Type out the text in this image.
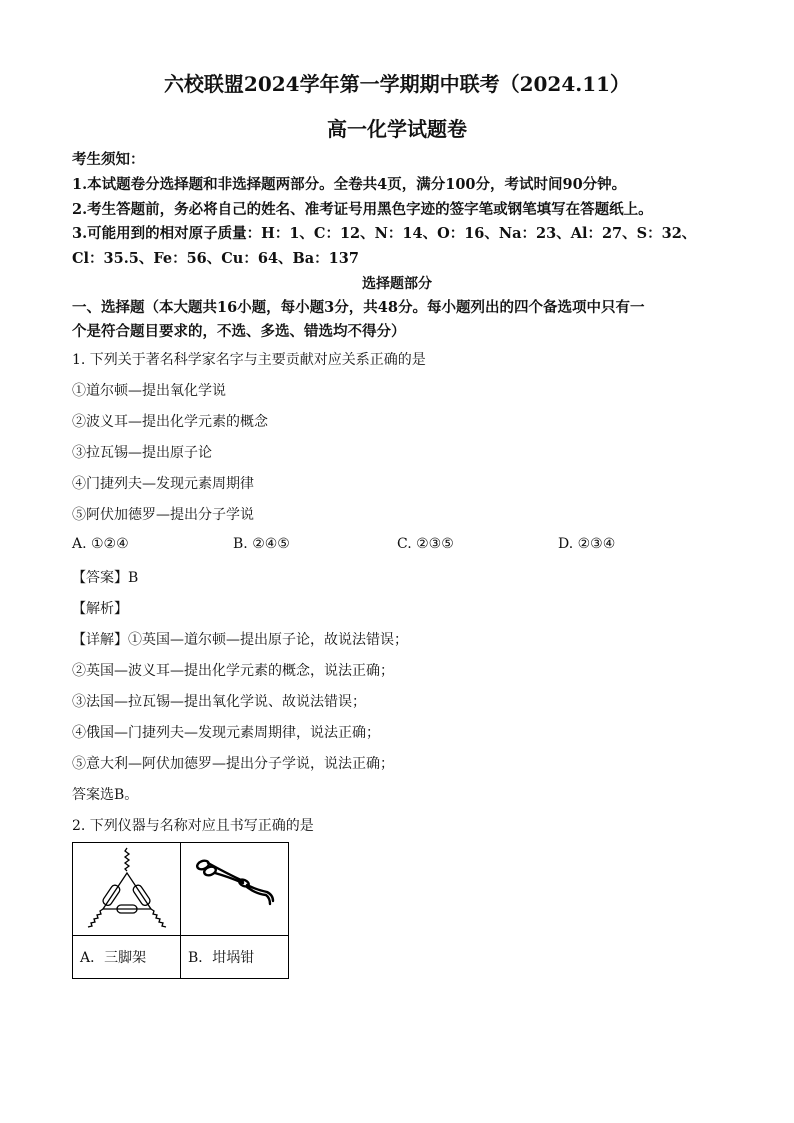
六校联盟2024学年第一学期期中联考（2024.11）
高一化学试题卷
考生须知：
1.本试题卷分选择题和非选择题两部分。全卷共4页，满分100分，考试时间90分钟。
2.考生答题前，务必将自己的姓名、准考证号用黑色字迹的签字笔或钢笔填写在答题纸上。
3.可能用到的相对原子质量：H：1、C：12、N：14、O：16、Na：23、Al：27、S：32、
Cl：35.5、Fe：56、Cu：64、Ba：137
选择题部分
一、选择题（本大题共16小题，每小题3分，共48分。每小题列出的四个备选项中只有一
个是符合题目要求的，不选、多选、错选均不得分）
1. 下列关于著名科学家名字与主要贡献对应关系正确的是
①道尔顿—提出氧化学说
②波义耳—提出化学元素的概念
③拉瓦锡—提出原子论
④门捷列夫—发现元素周期律
⑤阿伏加德罗—提出分子学说
A. ①②④	B. ②④⑤	C. ②③⑤	D. ②③④
【答案】B
【解析】
【详解】①英国—道尔顿—提出原子论，故说法错误；
②英国—波义耳—提出化学元素的概念，说法正确；
③法国—拉瓦锡—提出氧化学说、故说法错误；
④俄国—门捷列夫—发现元素周期律，说法正确；
⑤意大利—阿伏加德罗—提出分子学说，说法正确；
答案选B。
2. 下列仪器与名称对应且书写正确的是

A．三脚架	B．坩埚钳
